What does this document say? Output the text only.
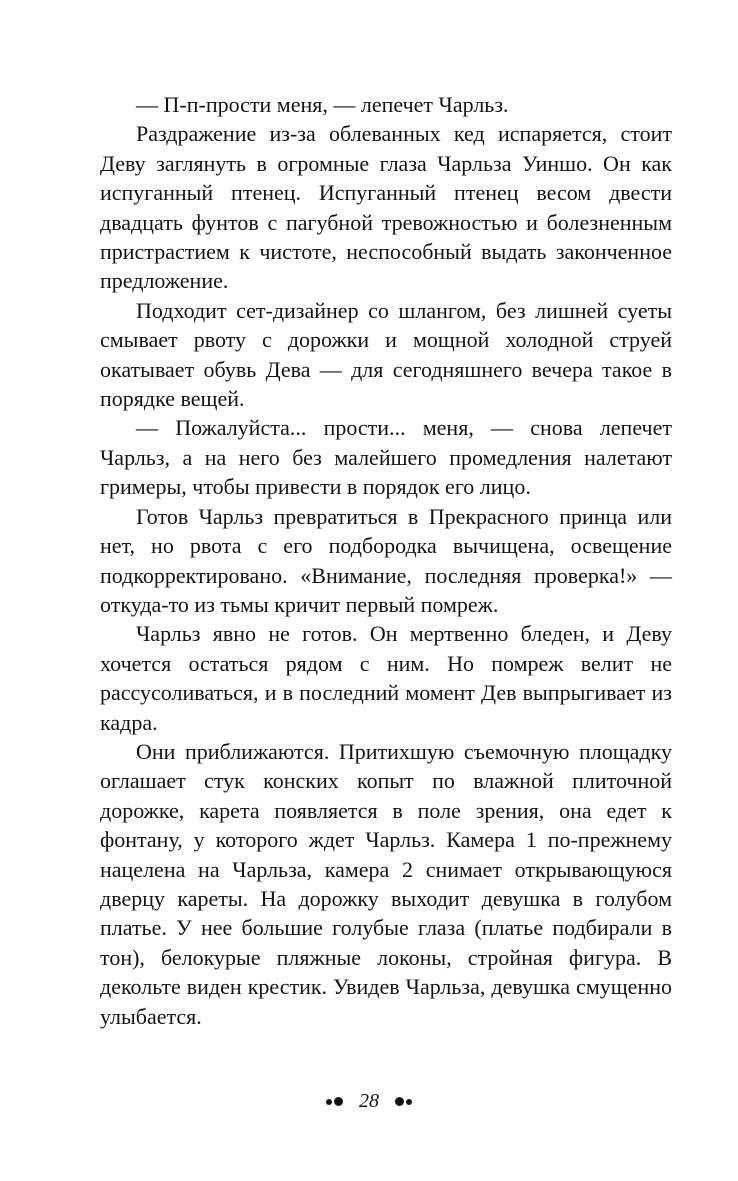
— П-п-прости меня, — лепечет Чарльз.

Раздражение из-за облеванных кед испаряется, стоит Деву заглянуть в огромные глаза Чарльза Уиншо. Он как испуганный птенец. Испуганный птенец весом двести двадцать фунтов с пагубной тревожностью и болезненным пристрастием к чистоте, неспособный выдать законченное предложение.

Подходит сет-дизайнер со шлангом, без лишней суеты смывает рвоту с дорожки и мощной холодной струей окатывает обувь Дева — для сегодняшнего вечера такое в порядке вещей.

— Пожалуйста... прости... меня, — снова лепечет Чарльз, а на него без малейшего промедления налетают гримеры, чтобы привести в порядок его лицо.

Готов Чарльз превратиться в Прекрасного принца или нет, но рвота с его подбородка вычищена, освещение подкорректировано. «Внимание, последняя проверка!» — откуда-то из тьмы кричит первый помреж.

Чарльз явно не готов. Он мертвенно бледен, и Деву хочется остаться рядом с ним. Но помреж велит не рассусоливаться, и в последний момент Дев выпрыгивает из кадра.

Они приближаются. Притихшую съемочную площадку оглашает стук конских копыт по влажной плиточной дорожке, карета появляется в поле зрения, она едет к фонтану, у которого ждет Чарльз. Камера 1 по-прежнему нацелена на Чарльза, камера 2 снимает открывающуюся дверцу кареты. На дорожку выходит девушка в голубом платье. У нее большие голубые глаза (платье подбирали в тон), белокурые пляжные локоны, стройная фигура. В декольте виден крестик. Увидев Чарльза, девушка смущенно улыбается.

28
